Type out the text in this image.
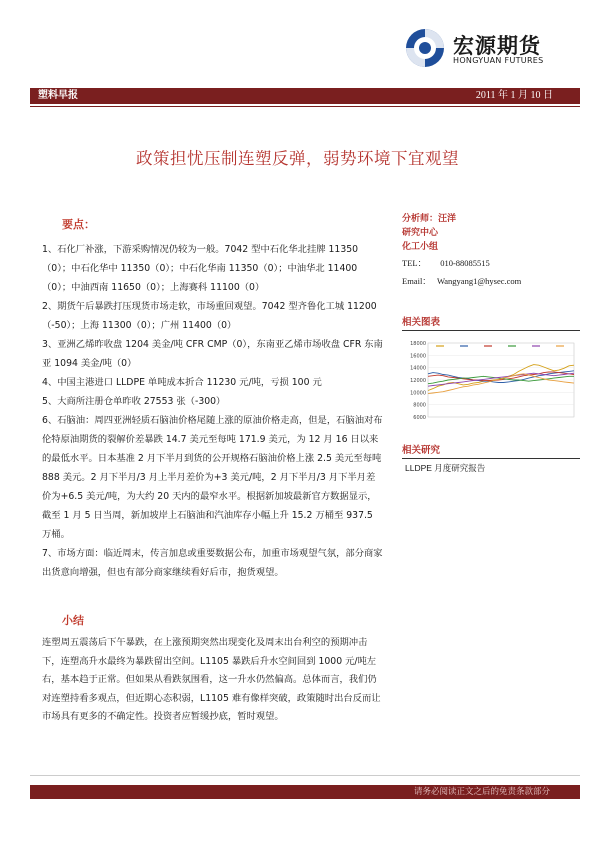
宏源期货
HONGYUAN FUTURES
塑料早报	2011 年 1 月 10 日
政策担忧压制连塑反弹，弱势环境下宜观望
要点：

1、石化厂补涨，下游采购情况仍较为一般。7042 型中石化华北挂牌 11350（0）；中石化华中 11350（0）；中石化华南 11350（0）；中油华北 11400（0）；中油西南 11650（0）；上海赛科 11100（0）

2、期货午后暴跌打压现货市场走软，市场重回观望。7042 型齐鲁化工城 11200（-50）；上海 11300（0）；广州 11400（0）

3、亚洲乙烯昨收盘 1204 美金/吨 CFR CMP（0），东南亚乙烯市场收盘 CFR 东南亚 1094 美金/吨（0）

4、中国主港进口 LLDPE 单吨成本折合 11230 元/吨，亏损 100 元

5、大商所注册仓单昨收 27553 张（-300）

6、石脑油：周四亚洲轻质石脑油价格尾随上涨的原油价格走高，但是，石脑油对布伦特原油期货的裂解价差暴跌 14.7 美元至每吨 171.9 美元，为 12 月 16 日以来的最低水平。日本基准 2 月下半月到货的公开规格石脑油价格上涨 2.5 美元至每吨 888 美元。2 月下半月/3 月上半月差价为+3 美元/吨，2 月下半月/3 月下半月差价为+6.5 美元/吨，为大约 20 天内的最窄水平。根据新加坡最新官方数据显示，截至 1 月 5 日当周，新加坡岸上石脑油和汽油库存小幅上升 15.2 万桶至 937.5 万桶。

7、市场方面：临近周末，传言加息或重要数据公布，加重市场观望气氛，部分商家出货意向增强，但也有部分商家继续看好后市，抱货观望。

小结
连塑周五震荡后下午暴跌，在上涨预期突然出现变化及周末出台利空的预期冲击下，连塑高升水最终为暴跌留出空间。L1105 暴跌后升水空间回到 1000 元/吨左右，基本趋于正常。但如果从看跌氛围看，这一升水仍然偏高。总体而言，我们仍对连塑持看多观点，但近期心态积弱，L1105 难有像样突破，政策随时出台反而让市场具有更多的不确定性。投资者应暂缓抄底，暂时观望。
分析师：汪洋
研究中心
化工小组
TEL： 010-88085515
Email： Wangyang1@hysec.com
相关图表
18000
16000
14000
12000
10000
8000
6000
相关研究
LLDPE 月度研究报告
请务必阅读正文之后的免责条款部分
